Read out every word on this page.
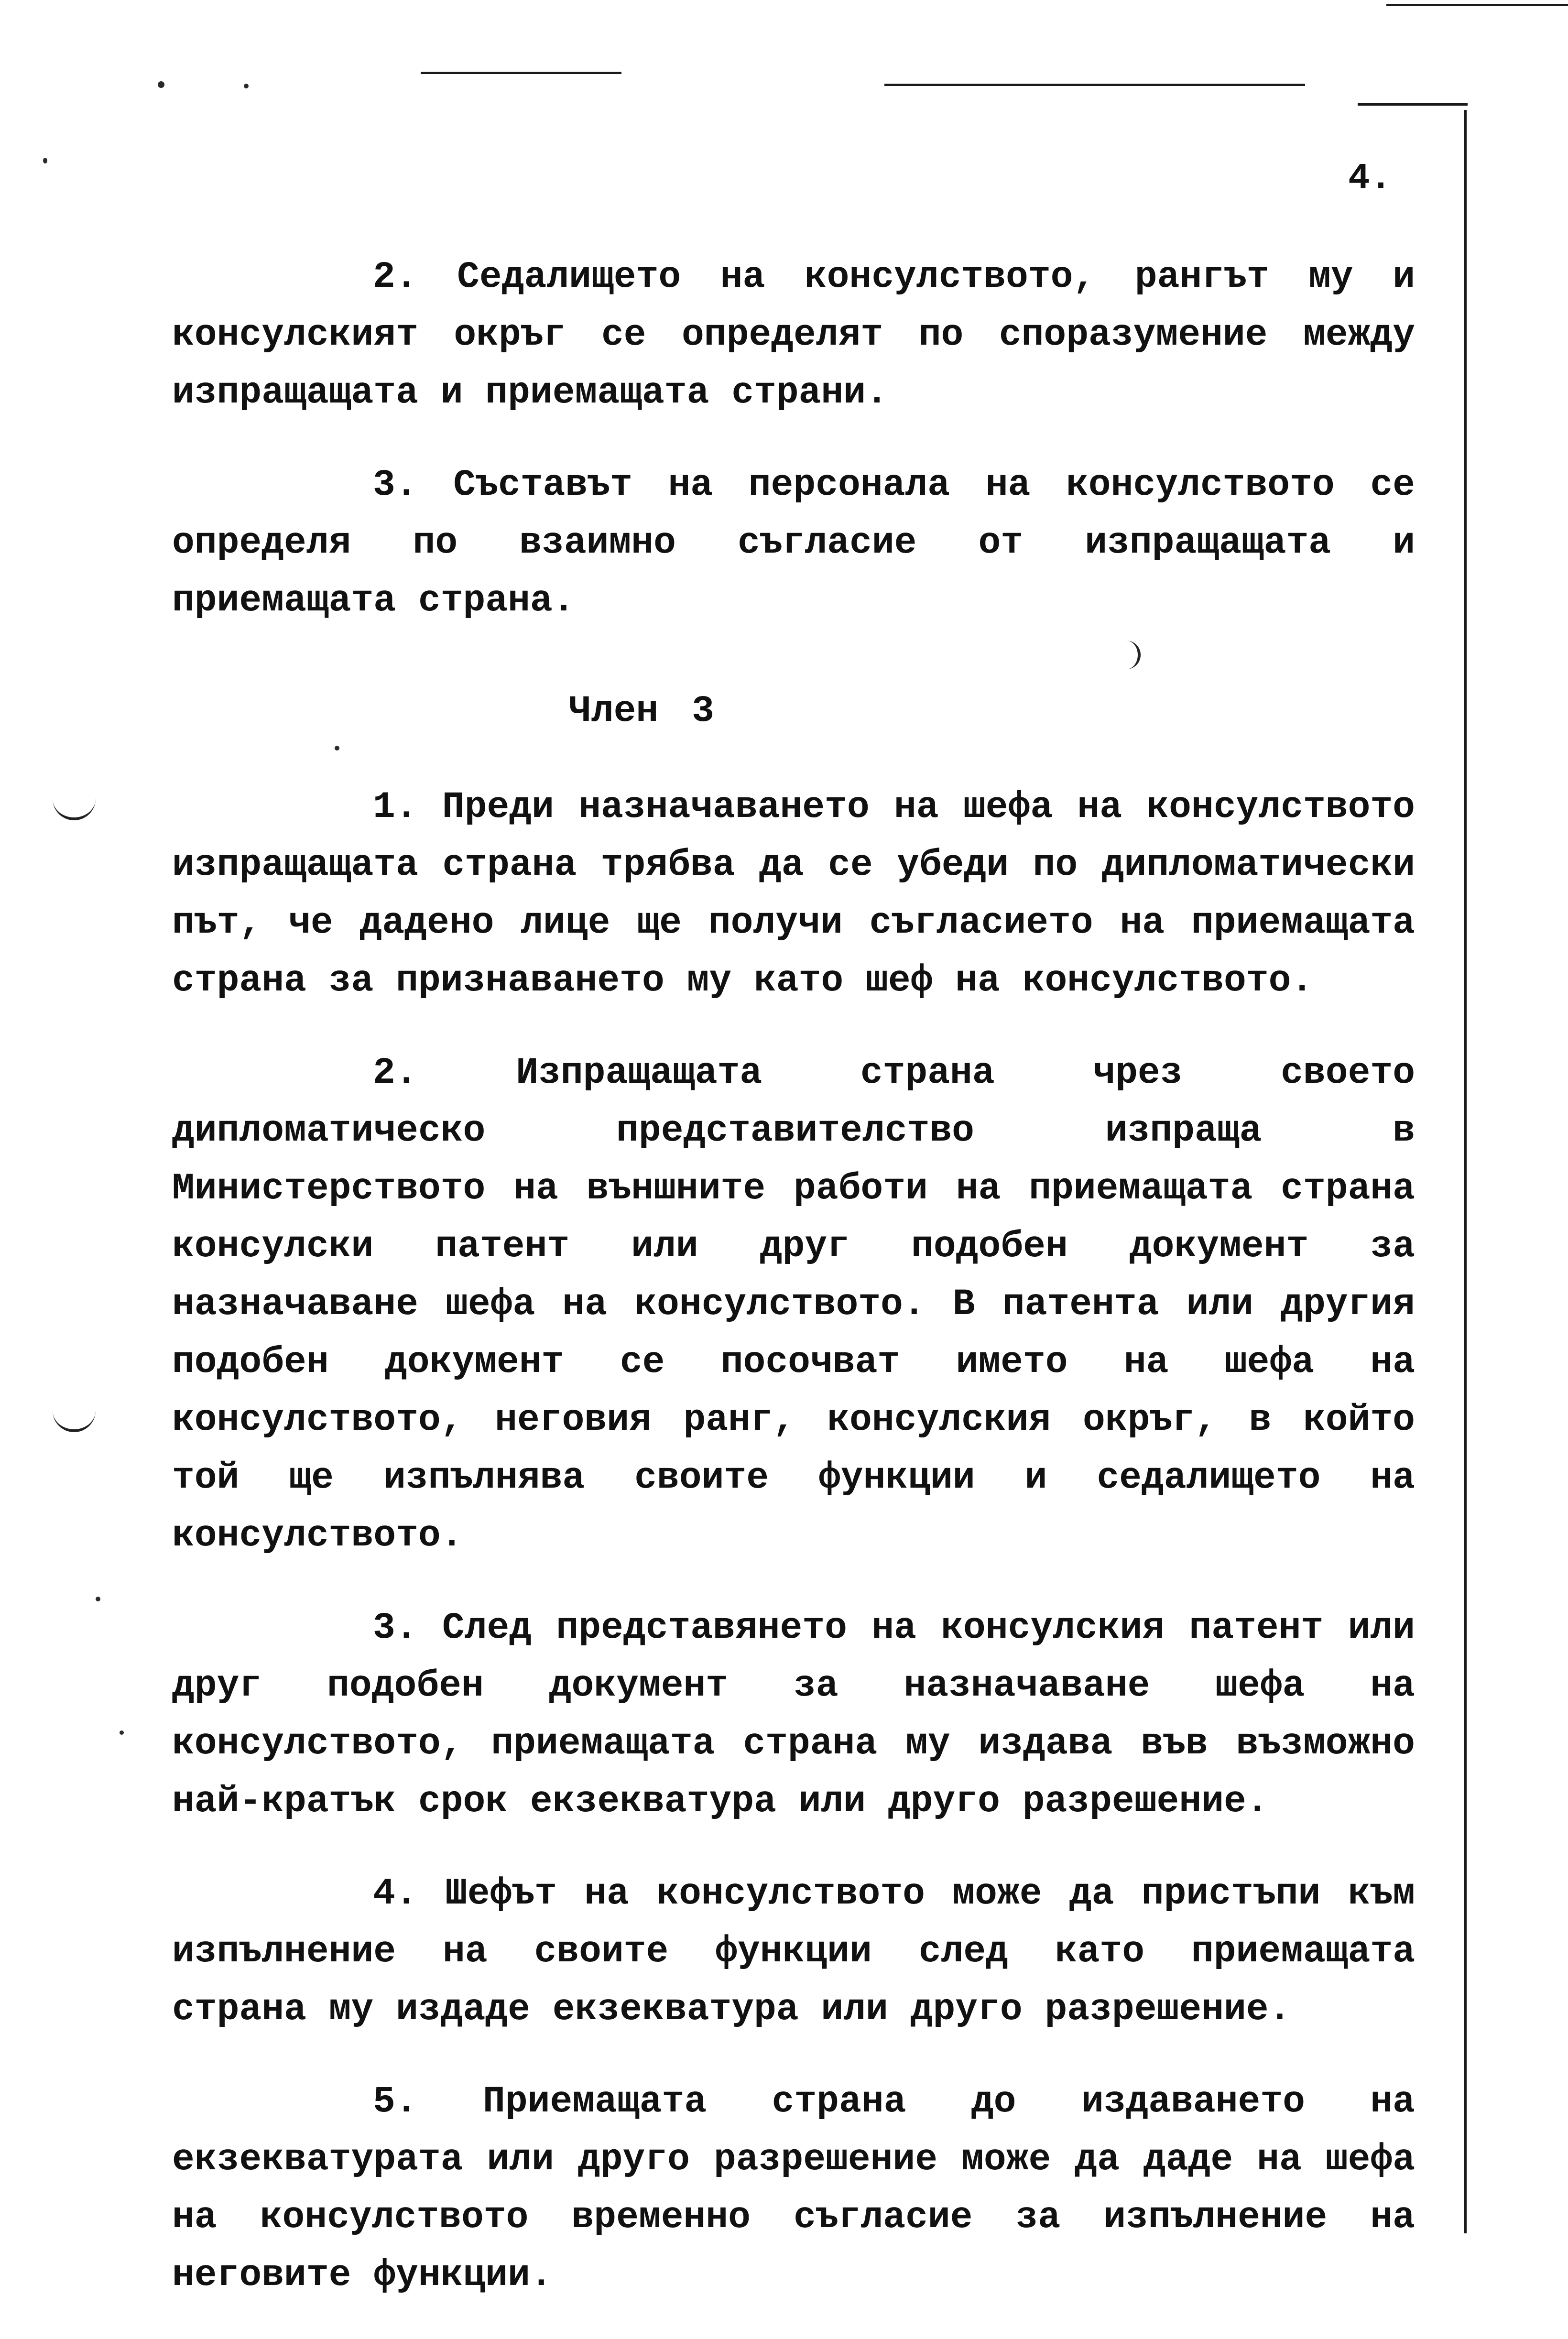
4.

2. Седалището на консулството, рангът му и консулският окръг се определят по споразумение между изпращащата и приемащата страни.

3. Съставът на персонала на консулството се определя по взаимно съгласие от изпращащата и приемащата страна.

Член 3

1. Преди назначаването на шефа на консулството изпращащата страна трябва да се убеди по дипломатически път, че дадено лице ще получи съгласието на приемащата страна за признаването му като шеф на консулството.

2. Изпращащата страна чрез своето дипломатическо представителство изпраща в Министерството на външните работи на приемащата страна консулски патент или друг подобен документ за назначаване шефа на консулството. В патента или другия подобен документ се посочват името на шефа на консулството, неговия ранг, консулския окръг, в който той ще изпълнява своите функции и седалището на консулството.

3. След представянето на консулския патент или друг подобен документ за назначаване шефа на консулството, приемащата страна му издава във възможно най-кратък срок екзекватура или друго разрешение.

4. Шефът на консулството може да пристъпи към изпълнение на своите функции след като приемащата страна му издаде екзекватура или друго разрешение.

5. Приемащата страна до издаването на екзекватурата или друго разрешение може да даде на шефа на консулството временно съгласие за изпълнение на неговите функции.
